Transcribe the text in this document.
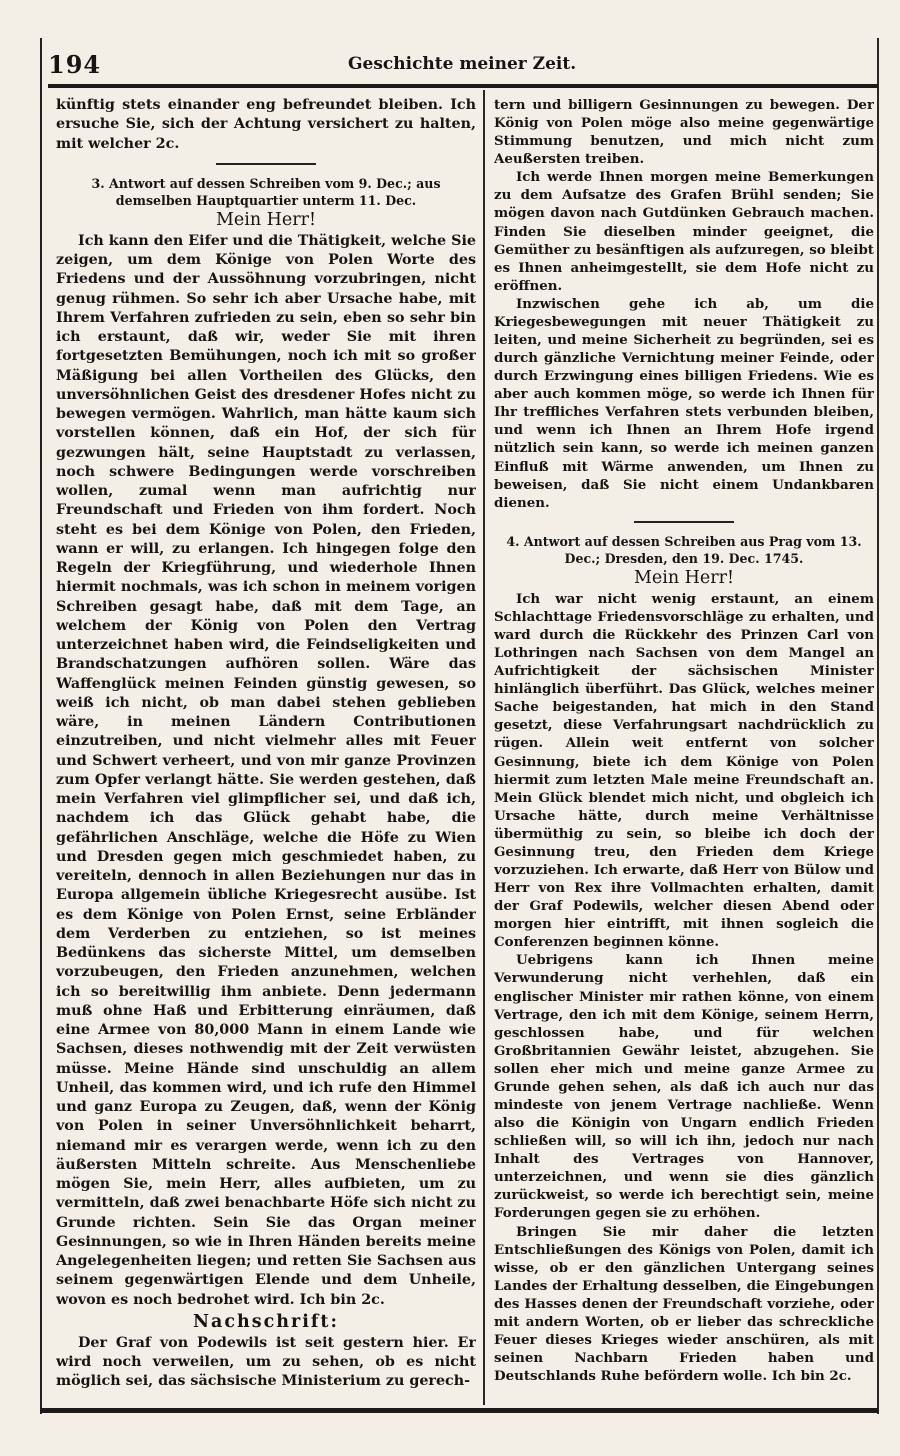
194	Geschichte meiner Zeit.

künftig stets einander eng befreundet bleiben. Ich ersuche Sie, sich der Achtung versichert zu halten, mit welcher 2c.

3. Antwort auf dessen Schreiben vom 9. Dec.; aus demselben Hauptquartier unterm 11. Dec.

Mein Herr!

Ich kann den Eifer und die Thätigkeit, welche Sie zeigen, um dem Könige von Polen Worte des Friedens und der Aussöhnung vorzubringen, nicht genug rühmen. So sehr ich aber Ursache habe, mit Ihrem Verfahren zufrieden zu sein, eben so sehr bin ich erstaunt, daß wir, weder Sie mit ihren fortgesetzten Bemühungen, noch ich mit so großer Mäßigung bei allen Vortheilen des Glücks, den unversöhnlichen Geist des dresdener Hofes nicht zu bewegen vermögen. Wahrlich, man hätte kaum sich vorstellen können, daß ein Hof, der sich für gezwungen hält, seine Hauptstadt zu verlassen, noch schwere Bedingungen werde vorschreiben wollen, zumal wenn man aufrichtig nur Freundschaft und Frieden von ihm fordert. Noch steht es bei dem Könige von Polen, den Frieden, wann er will, zu erlangen. Ich hingegen folge den Regeln der Kriegführung, und wiederhole Ihnen hiermit nochmals, was ich schon in meinem vorigen Schreiben gesagt habe, daß mit dem Tage, an welchem der König von Polen den Vertrag unterzeichnet haben wird, die Feindseligkeiten und Brandschatzungen aufhören sollen. Wäre das Waffenglück meinen Feinden günstig gewesen, so weiß ich nicht, ob man dabei stehen geblieben wäre, in meinen Ländern Contributionen einzutreiben, und nicht vielmehr alles mit Feuer und Schwert verheert, und von mir ganze Provinzen zum Opfer verlangt hätte. Sie werden gestehen, daß mein Verfahren viel glimpflicher sei, und daß ich, nachdem ich das Glück gehabt habe, die gefährlichen Anschläge, welche die Höfe zu Wien und Dresden gegen mich geschmiedet haben, zu vereiteln, dennoch in allen Beziehungen nur das in Europa allgemein übliche Kriegesrecht ausübe. Ist es dem Könige von Polen Ernst, seine Erbländer dem Verderben zu entziehen, so ist meines Bedünkens das sicherste Mittel, um demselben vorzubeugen, den Frieden anzunehmen, welchen ich so bereitwillig ihm anbiete. Denn jedermann muß ohne Haß und Erbitterung einräumen, daß eine Armee von 80,000 Mann in einem Lande wie Sachsen, dieses nothwendig mit der Zeit verwüsten müsse. Meine Hände sind unschuldig an allem Unheil, das kommen wird, und ich rufe den Himmel und ganz Europa zu Zeugen, daß, wenn der König von Polen in seiner Unversöhnlichkeit beharrt, niemand mir es verargen werde, wenn ich zu den äußersten Mitteln schreite. Aus Menschenliebe mögen Sie, mein Herr, alles aufbieten, um zu vermitteln, daß zwei benachbarte Höfe sich nicht zu Grunde richten. Sein Sie das Organ meiner Gesinnungen, so wie in Ihren Händen bereits meine Angelegenheiten liegen; und retten Sie Sachsen aus seinem gegenwärtigen Elende und dem Unheile, wovon es noch bedrohet wird. Ich bin 2c.

Nachschrift:

Der Graf von Podewils ist seit gestern hier. Er wird noch verweilen, um zu sehen, ob es nicht möglich sei, das sächsische Ministerium zu gerech-

tern und billigern Gesinnungen zu bewegen. Der König von Polen möge also meine gegenwärtige Stimmung benutzen, und mich nicht zum Aeußersten treiben.

Ich werde Ihnen morgen meine Bemerkungen zu dem Aufsatze des Grafen Brühl senden; Sie mögen davon nach Gutdünken Gebrauch machen. Finden Sie dieselben minder geeignet, die Gemüther zu besänftigen als aufzuregen, so bleibt es Ihnen anheimgestellt, sie dem Hofe nicht zu eröffnen.

Inzwischen gehe ich ab, um die Kriegesbewegungen mit neuer Thätigkeit zu leiten, und meine Sicherheit zu begründen, sei es durch gänzliche Vernichtung meiner Feinde, oder durch Erzwingung eines billigen Friedens. Wie es aber auch kommen möge, so werde ich Ihnen für Ihr treffliches Verfahren stets verbunden bleiben, und wenn ich Ihnen an Ihrem Hofe irgend nützlich sein kann, so werde ich meinen ganzen Einfluß mit Wärme anwenden, um Ihnen zu beweisen, daß Sie nicht einem Undankbaren dienen.

4. Antwort auf dessen Schreiben aus Prag vom 13. Dec.; Dresden, den 19. Dec. 1745.

Mein Herr!

Ich war nicht wenig erstaunt, an einem Schlachttage Friedensvorschläge zu erhalten, und ward durch die Rückkehr des Prinzen Carl von Lothringen nach Sachsen von dem Mangel an Aufrichtigkeit der sächsischen Minister hinlänglich überführt. Das Glück, welches meiner Sache beigestanden, hat mich in den Stand gesetzt, diese Verfahrungsart nachdrücklich zu rügen. Allein weit entfernt von solcher Gesinnung, biete ich dem Könige von Polen hiermit zum letzten Male meine Freundschaft an. Mein Glück blendet mich nicht, und obgleich ich Ursache hätte, durch meine Verhältnisse übermüthig zu sein, so bleibe ich doch der Gesinnung treu, den Frieden dem Kriege vorzuziehen. Ich erwarte, daß Herr von Bülow und Herr von Rex ihre Vollmachten erhalten, damit der Graf Podewils, welcher diesen Abend oder morgen hier eintrifft, mit ihnen sogleich die Conferenzen beginnen könne.

Uebrigens kann ich Ihnen meine Verwunderung nicht verhehlen, daß ein englischer Minister mir rathen könne, von einem Vertrage, den ich mit dem Könige, seinem Herrn, geschlossen habe, und für welchen Großbritannien Gewähr leistet, abzugehen. Sie sollen eher mich und meine ganze Armee zu Grunde gehen sehen, als daß ich auch nur das mindeste von jenem Vertrage nachließe. Wenn also die Königin von Ungarn endlich Frieden schließen will, so will ich ihn, jedoch nur nach Inhalt des Vertrages von Hannover, unterzeichnen, und wenn sie dies gänzlich zurückweist, so werde ich berechtigt sein, meine Forderungen gegen sie zu erhöhen.

Bringen Sie mir daher die letzten Entschließungen des Königs von Polen, damit ich wisse, ob er den gänzlichen Untergang seines Landes der Erhaltung desselben, die Eingebungen des Hasses denen der Freundschaft vorziehe, oder mit andern Worten, ob er lieber das schreckliche Feuer dieses Krieges wieder anschüren, als mit seinen Nachbarn Frieden haben und Deutschlands Ruhe befördern wolle. Ich bin 2c.
